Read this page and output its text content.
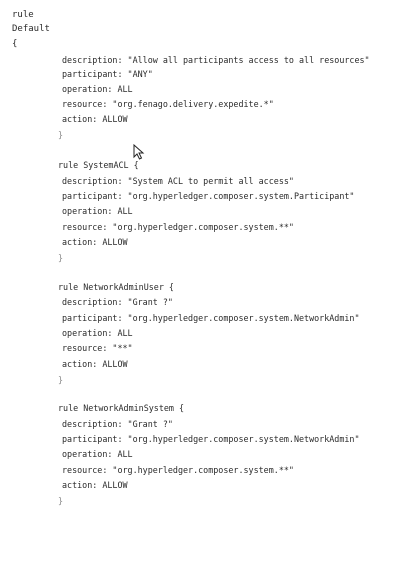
rule
Default
{
description: "Allow all participants access to all resources"
participant: "ANY"
operation: ALL
resource: "org.fenago.delivery.expedite.*"
action: ALLOW
}
rule SystemACL {
description: "System ACL to permit all access"
participant: "org.hyperledger.composer.system.Participant"
operation: ALL
resource: "org.hyperledger.composer.system.**"
action: ALLOW
}
rule NetworkAdminUser {
description: "Grant ?"
participant: "org.hyperledger.composer.system.NetworkAdmin"
operation: ALL
resource: "**"
action: ALLOW
}
rule NetworkAdminSystem {
description: "Grant ?"
participant: "org.hyperledger.composer.system.NetworkAdmin"
operation: ALL
resource: "org.hyperledger.composer.system.**"
action: ALLOW
}
